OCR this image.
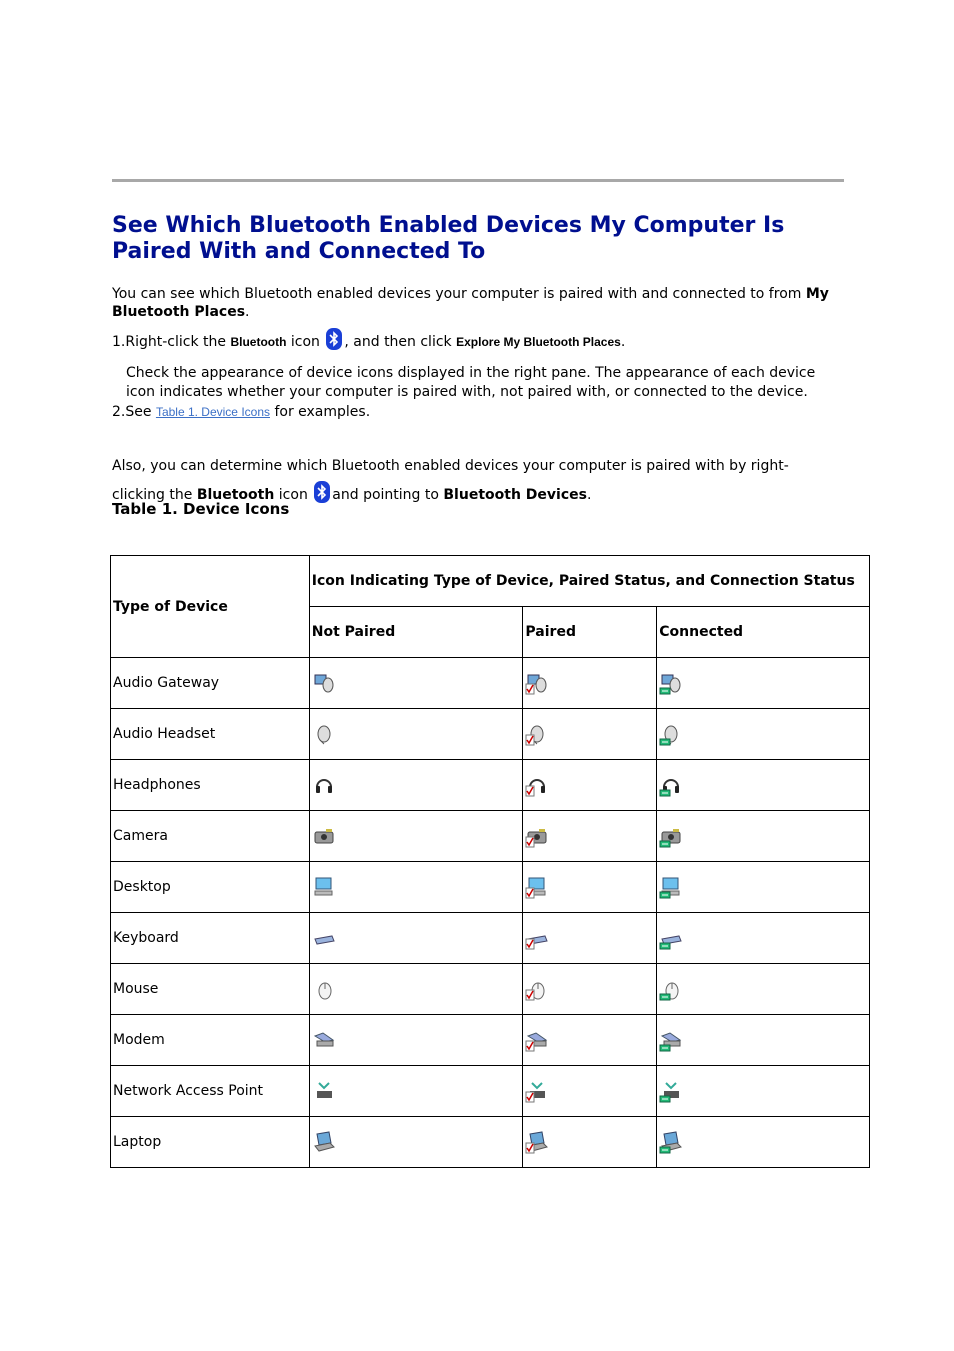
See Which Bluetooth Enabled Devices My Computer Is Paired With and Connected To

You can see which Bluetooth enabled devices your computer is paired with and connected to from My Bluetooth Places.

1.Right-click the Bluetooth icon
, and then click Explore My Bluetooth Places.

Check the appearance of device icons displayed in the right pane. The appearance of each device
icon indicates whether your computer is paired with, not paired with, or connected to the device.

2.See Table 1. Device Icons for examples.

Also, you can determine which Bluetooth enabled devices your computer is paired with by right-

clicking the Bluetooth icon
and pointing to Bluetooth Devices.

Table 1. Device Icons

Type of Device	Icon Indicating Type of Device, Paired Status, and Connection Status		
	Not Paired	Paired	Connected
Audio Gateway			
Audio Headset			
Headphones			
Camera			
Desktop			
Keyboard			
Mouse			
Modem			
Network Access Point			
Laptop			
